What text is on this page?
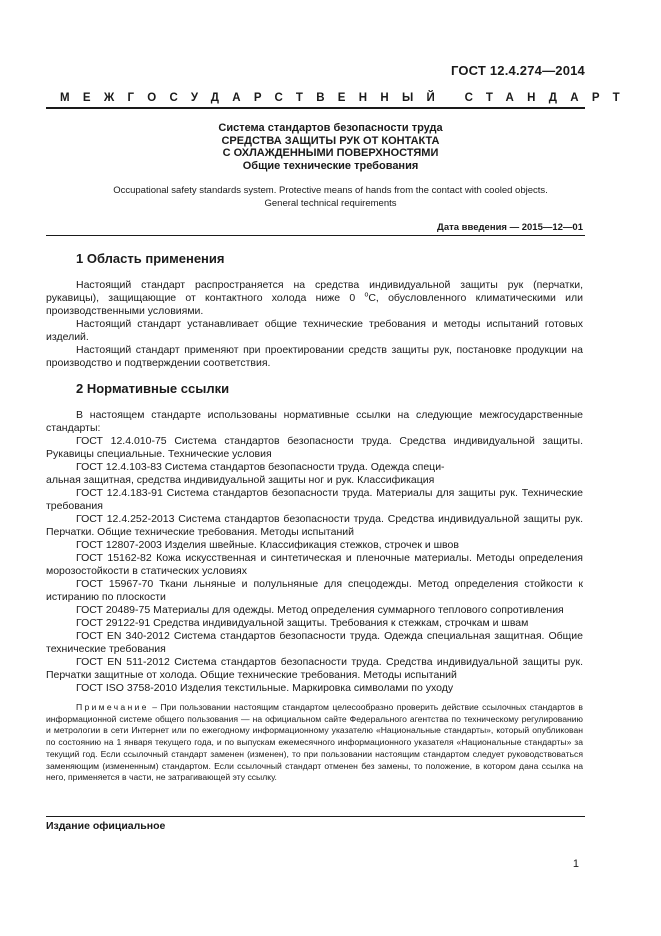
ГОСТ 12.4.274—2014
МЕЖГОСУДАРСТВЕННЫЙ СТАНДАРТ
Система стандартов безопасности труда
СРЕДСТВА ЗАЩИТЫ РУК ОТ КОНТАКТА
С ОХЛАЖДЕННЫМИ ПОВЕРХНОСТЯМИ
Общие технические требования
Occupational safety standards system. Protective means of hands from the contact with cooled objects.
General technical requirements
Дата введения — 2015—12—01
1 Область применения

Настоящий стандарт распространяется на средства индивидуальной защиты рук (перчатки, рукавицы), защищающие от контактного холода ниже 0 $^о$С, обусловленного климатическими или производственными условиями.

Настоящий стандарт устанавливает общие технические требования и методы испытаний готовых изделий.

Настоящий стандарт применяют при проектировании средств защиты рук, постановке продукции на производство и подтверждении соответствия.

2 Нормативные ссылки

В настоящем стандарте использованы нормативные ссылки на следующие межгосударственные стандарты:

ГОСТ 12.4.010-75 Система стандартов безопасности труда. Средства индивидуальной защиты. Рукавицы специальные. Технические условия

ГОСТ 12.4.103-83 Система стандартов безопасности труда. Одежда специ-

альная защитная, средства индивидуальной защиты ног и рук. Классификация

ГОСТ 12.4.183-91 Система стандартов безопасности труда. Материалы для защиты рук. Технические требования

ГОСТ 12.4.252-2013 Система стандартов безопасности труда. Средства индивидуальной защиты рук. Перчатки. Общие технические требования. Методы испытаний

ГОСТ 12807-2003 Изделия швейные. Классификация стежков, строчек и швов

ГОСТ 15162-82 Кожа искусственная и синтетическая и пленочные материалы. Методы определения морозостойкости в статических условиях

ГОСТ 15967-70 Ткани льняные и полульняные для спецодежды. Метод определения стойкости к истиранию по плоскости

ГОСТ 20489-75 Материалы для одежды. Метод определения суммарного теплового сопротивления

ГОСТ 29122-91 Средства индивидуальной защиты. Требования к стежкам, строчкам и швам

ГОСТ EN 340-2012 Система стандартов безопасности труда. Одежда специальная защитная. Общие технические требования

ГОСТ EN 511-2012 Система стандартов безопасности труда. Средства индивидуальной защиты рук. Перчатки защитные от холода. Общие технические требования. Методы испытаний

ГОСТ ISO 3758-2010 Изделия текстильные. Маркировка символами по уходу

Примечание – При пользовании настоящим стандартом целесообразно проверить действие ссылочных стандартов в информационной системе общего пользования — на официальном сайте Федерального агентства по техническому регулированию и метрологии в сети Интернет или по ежегодному информационному указателю «Национальные стандарты», который опубликован по состоянию на 1 января текущего года, и по выпускам ежемесячного информационного указателя «Национальные стандарты» за текущий год. Если ссылочный стандарт заменен (изменен), то при пользовании настоящим стандартом следует руководствоваться заменяющим (измененным) стандартом. Если ссылочный стандарт отменен без замены, то положение, в котором дана ссылка на него, применяется в части, не затрагивающей эту ссылку.

Издание официальное
1
